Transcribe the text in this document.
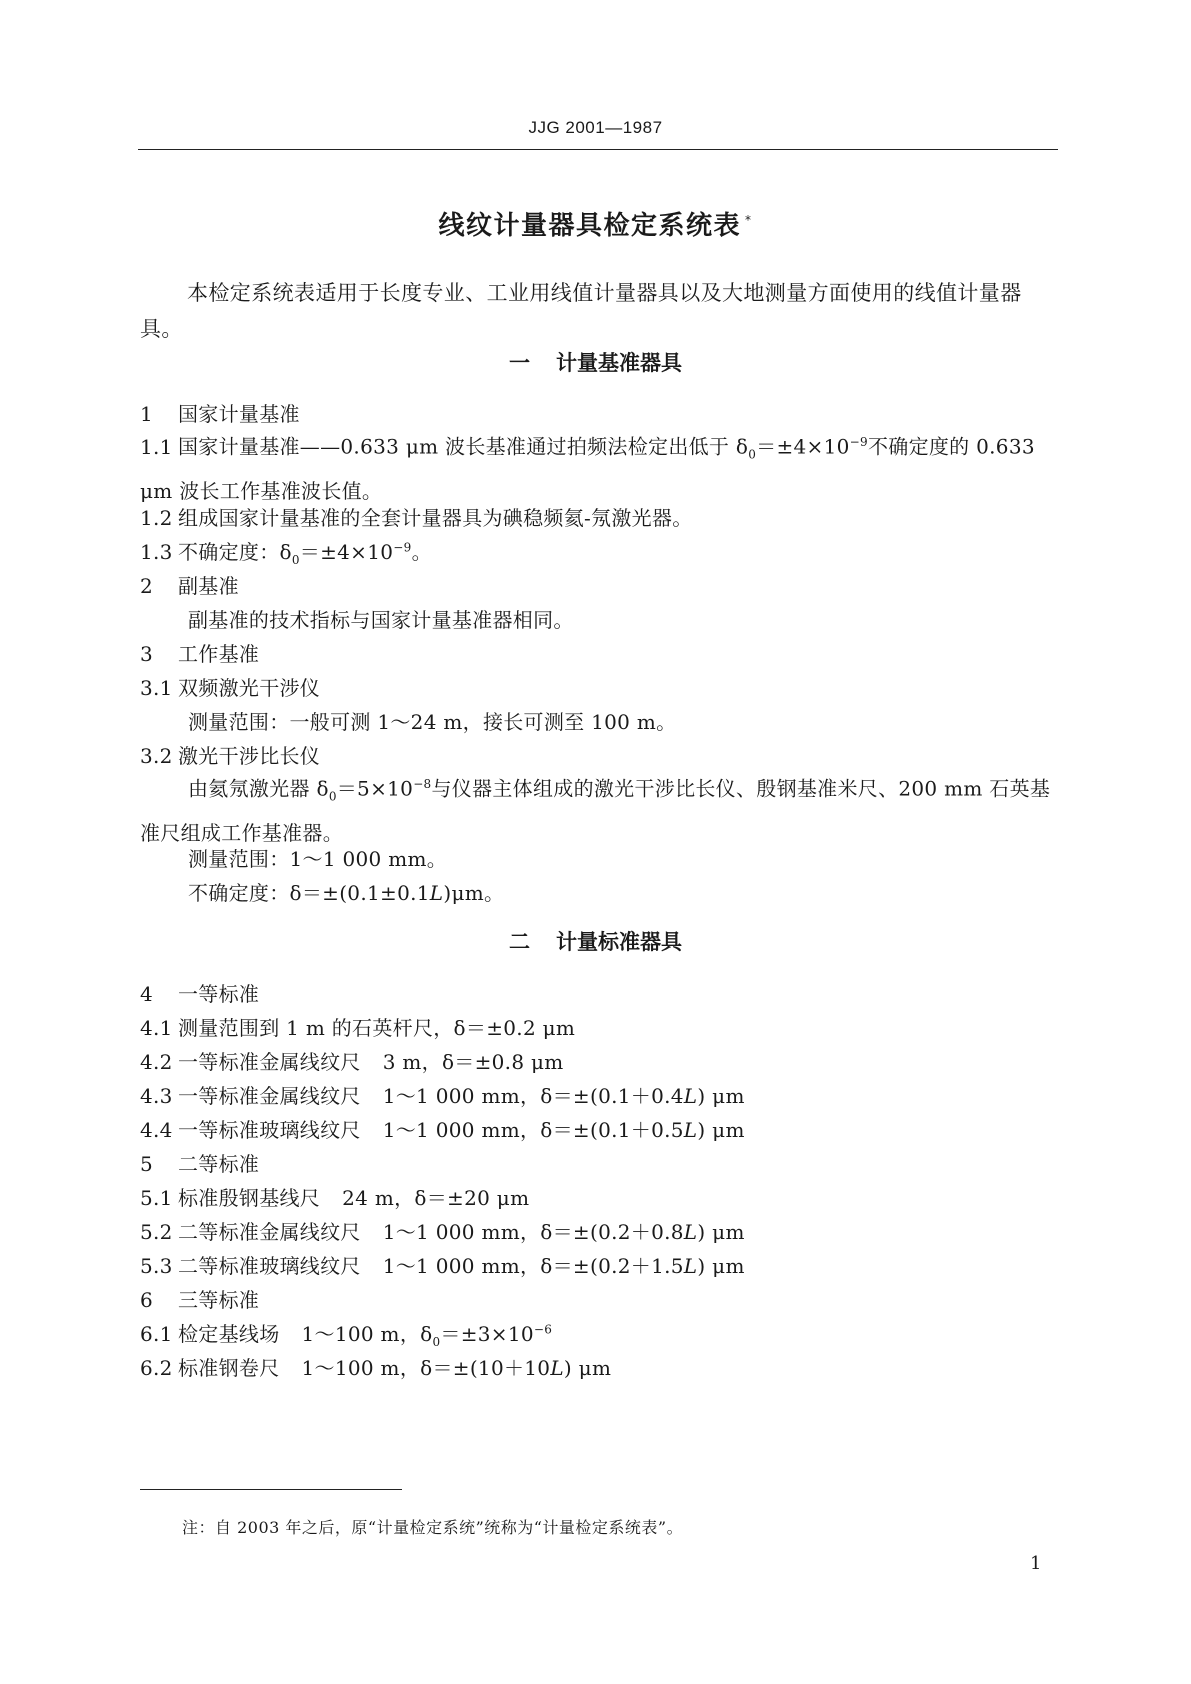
JJG 2001—1987
线纹计量器具检定系统表 *
本检定系统表适用于长度专业、工业用线值计量器具以及大地测量方面使用的线值计量器具。
一 计量基准器具
1 国家计量基准
1.1 国家计量基准——0.633 μm 波长基准通过拍频法检定出低于 $\delta_0=\pm 4\times 10^{-9}$不确定度的 0.633 μm 波长工作基准波长值。
1.2 组成国家计量基准的全套计量器具为碘稳频氦-氖激光器。
1.3 不确定度：$\delta_0=\pm 4\times 10^{-9}$。
2 副基准
副基准的技术指标与国家计量基准器相同。
3 工作基准
3.1 双频激光干涉仪
测量范围：一般可测 1～24 m，接长可测至 100 m。
3.2 激光干涉比长仪
由氦氖激光器 $\delta_0=5\times 10^{-8}$与仪器主体组成的激光干涉比长仪、殷钢基准米尺、200 mm 石英基准尺组成工作基准器。
测量范围：1～1 000 mm。
不确定度：δ＝±(0.1±0.1L)μm。
二 计量标准器具
4 一等标准
4.1 测量范围到 1 m 的石英杆尺，δ＝±0.2 μm
4.2 一等标准金属线纹尺 3 m，δ＝±0.8 μm
4.3 一等标准金属线纹尺 1～1 000 mm，δ＝±(0.1＋0.4L) μm
4.4 一等标准玻璃线纹尺 1～1 000 mm，δ＝±(0.1＋0.5L) μm
5 二等标准
5.1 标准殷钢基线尺 24 m，δ＝±20 μm
5.2 二等标准金属线纹尺 1～1 000 mm，δ＝±(0.2＋0.8L) μm
5.3 二等标准玻璃线纹尺 1～1 000 mm，δ＝±(0.2＋1.5L) μm
6 三等标准
6.1 检定基线场 1～100 m，$\delta_0=\pm 3\times 10^{-6}$
6.2 标准钢卷尺 1～100 m，δ＝±(10＋10L) μm
注：自 2003 年之后，原“计量检定系统”统称为“计量检定系统表”。
1
